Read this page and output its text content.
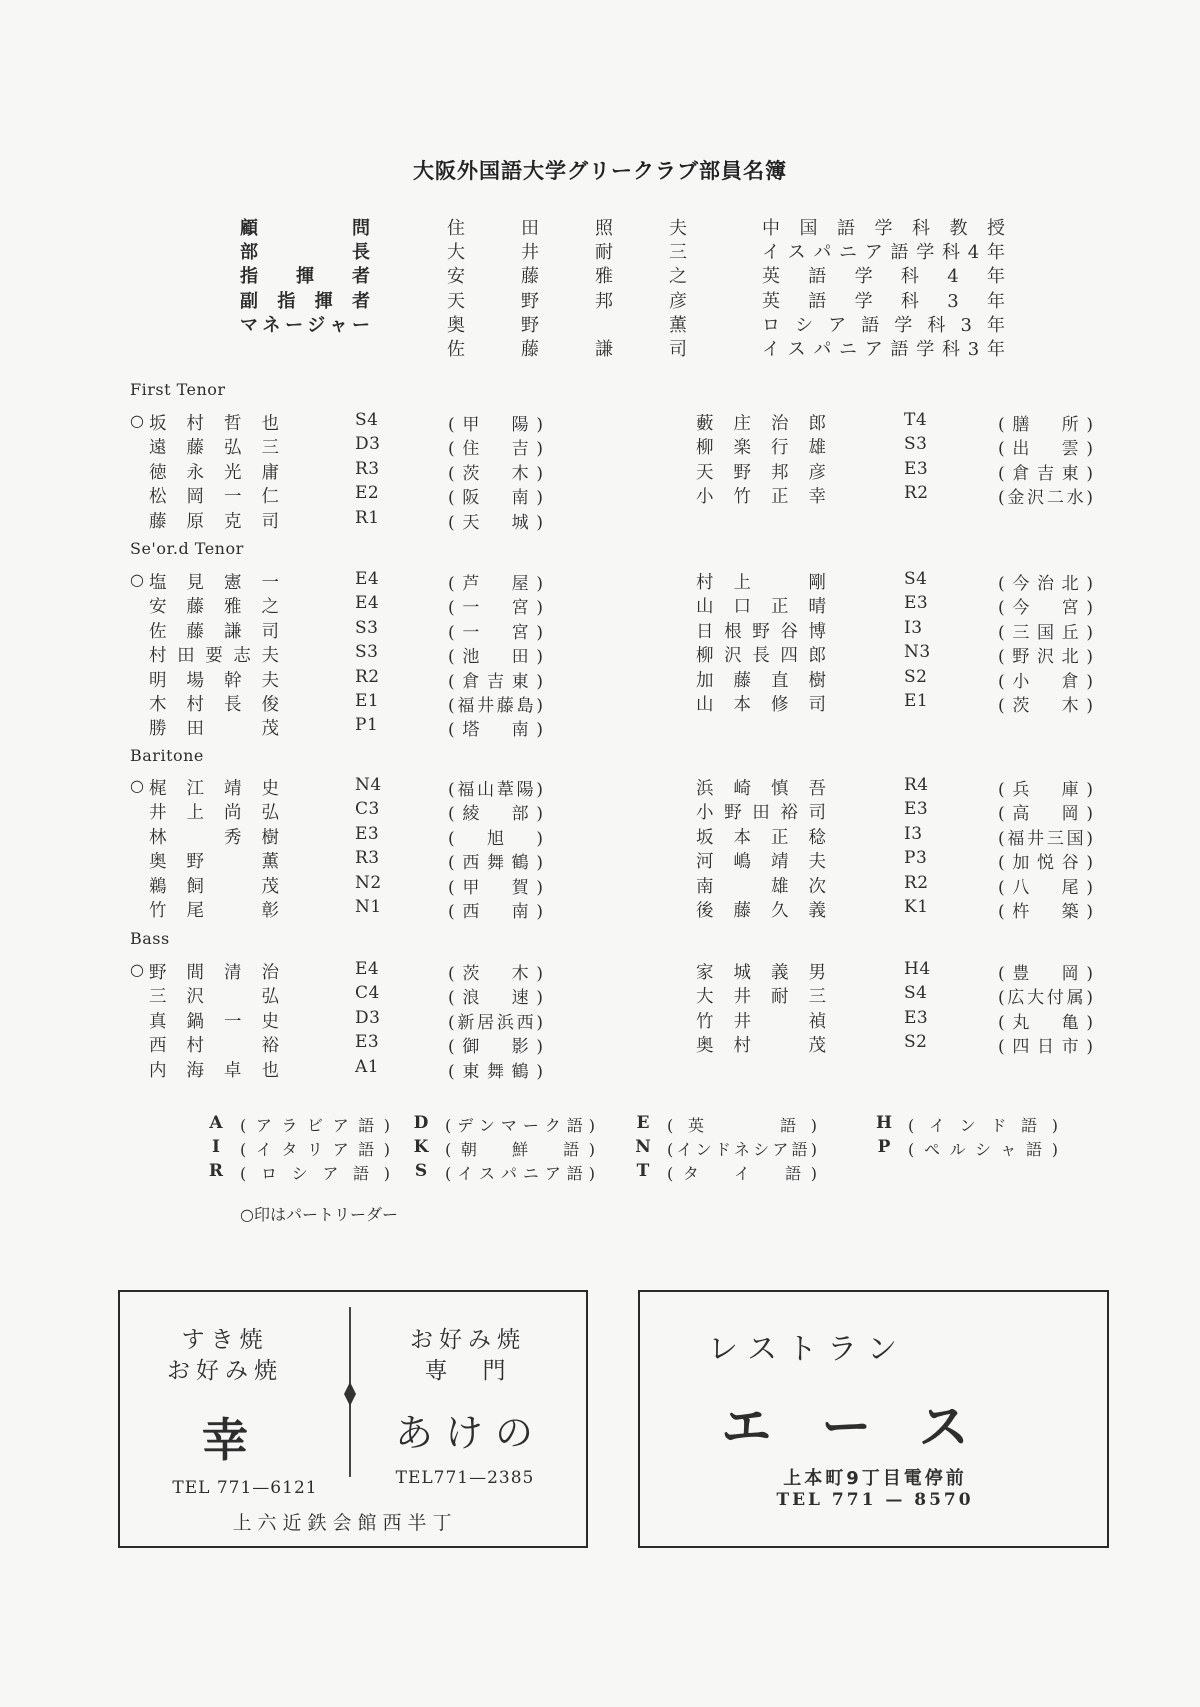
大阪外国語大学グリークラブ部員名簿
顧　問	住田照夫	中国語学科教授
部　長	大井耐三	イスパニア語学科4年
指揮者	安藤雅之	英語学科4年
副指揮者	天野邦彦	英語学科3年
マネージャー	奥野　薫	ロシア語学科3年
佐藤謙司	イスパニア語学科3年
First Tenor
Se'or.d Tenor
Baritone
Bass
○ 坂村哲也	S4	(甲　陽)	藪庄治郎	T4	(膳　所)
遠藤弘三	D3	(住　吉)	柳楽行雄	S3	(出　雲)
徳永光庸	R3	(茨　木)	天野邦彦	E3	(倉吉東)
松岡一仁	E2	(阪　南)	小竹正幸	R2	(金沢二水)
藤原克司	R1	(天　城)
○ 塩見憲一	E4	(芦　屋)	村上　剛	S4	(今治北)
安藤雅之	E4	(一　宮)	山口正晴	E3	(今　宮)
佐藤謙司	S3	(一　宮)	日根野谷博	I3	(三国丘)
村田要志夫	S3	(池　田)	柳沢長四郎	N3	(野沢北)
明場幹夫	R2	(倉吉東)	加藤直樹	S2	(小　倉)
木村長俊	E1	(福井藤島)	山本修司	E1	(茨　木)
勝田　茂	P1	(塔　南)
○ 梶江靖史	N4	(福山葦陽)	浜崎慎吾	R4	(兵　庫)
井上尚弘	C3	(綾　部)	小野田裕司	E3	(高　岡)
林　秀樹	E3	(　旭　)	坂本正稔	I3	(福井三国)
奥野　薫	R3	(西舞鶴)	河嶋靖夫	P3	(加悦谷)
鵜飼　茂	N2	(甲　賀)	南　雄次	R2	(八　尾)
竹尾　彰	N1	(西　南)	後藤久義	K1	(杵　築)
○ 野間清治	E4	(茨　木)	家城義男	H4	(豊　岡)
三沢　弘	C4	(浪　速)	大井耐三	S4	(広大付属)
真鍋一史	D3	(新居浜西)	竹井　禎	E3	(丸　亀)
西村　裕	E3	(御　影)	奥村　茂	S2	(四日市)
内海卓也	A1	(東舞鶴)
A (アラビア語) D (デンマーク語) E (英　　語)	H (インド語)
I	(イタリア語) K (朝　鮮　語) N (インドネシア語)	P (ペルシャ語)
R (ロシア語) S	(イスパニア語) T (タ　イ　語)
○印はパートリーダー
すき焼
お好み焼
幸
TEL 771—6121
お好み焼
専　門
あけの
TEL771—2385
上六近鉄会館西半丁
レストラン
エース
上本町9丁目電停前
TEL 771 — 8570
